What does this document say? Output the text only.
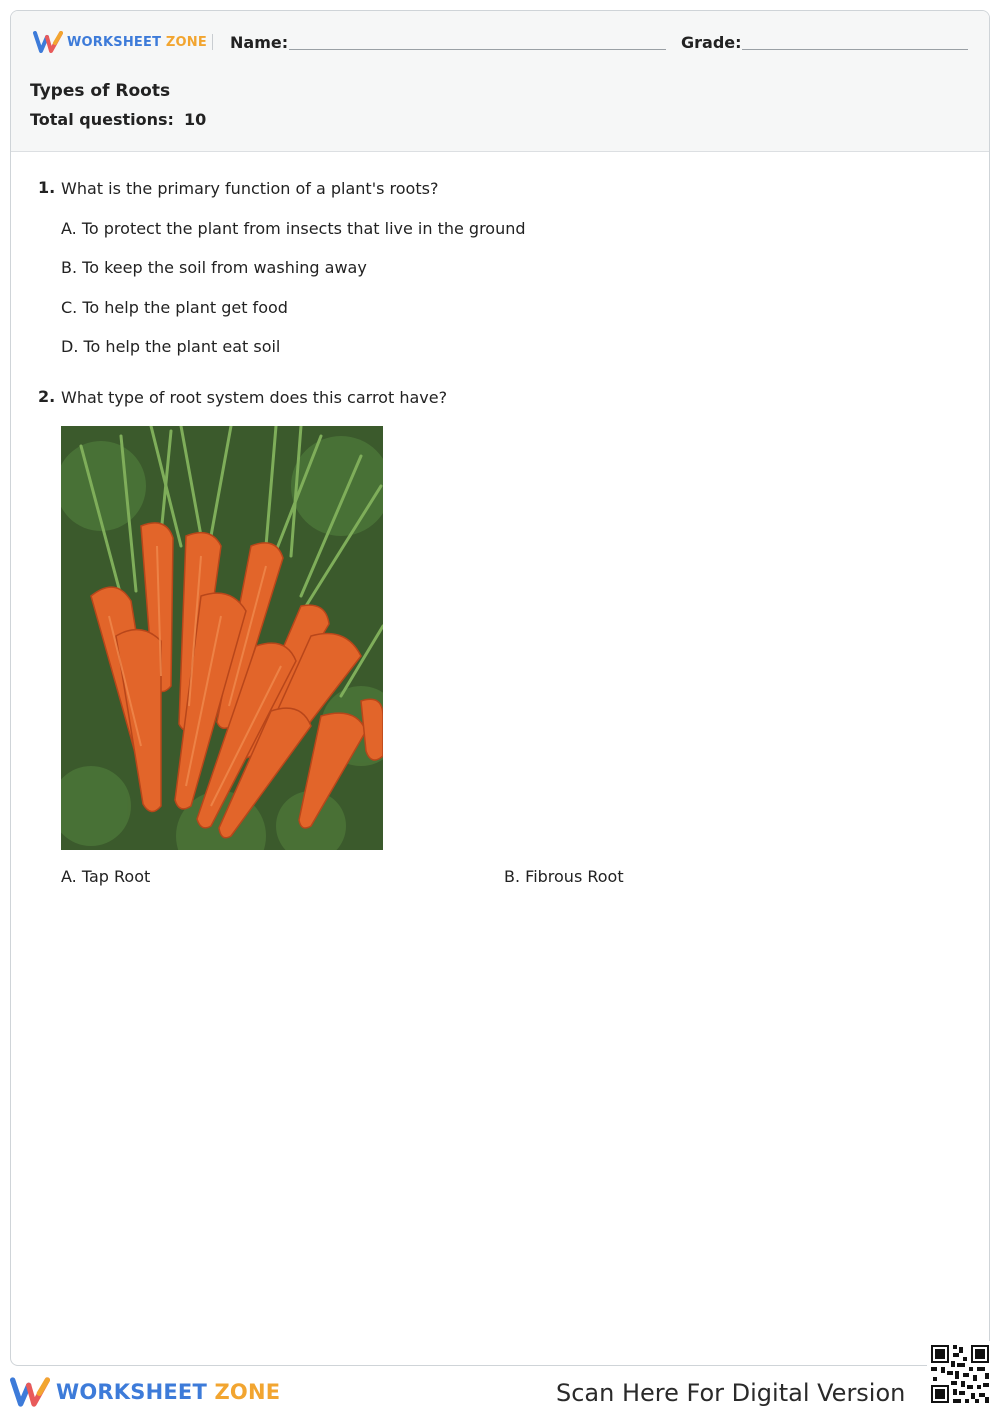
WORKSHEET ZONE Name:	Grade:
Types of Roots
Total questions: 10
1. What is the primary function of a plant's roots?
A. To protect the plant from insects that live in the ground
B. To keep the soil from washing away
C. To help the plant get food
D. To help the plant eat soil
2. What type of root system does this carrot have?
A. Tap Root	B. Fibrous Root
WORKSHEET ZONE	Scan Here For Digital Version
